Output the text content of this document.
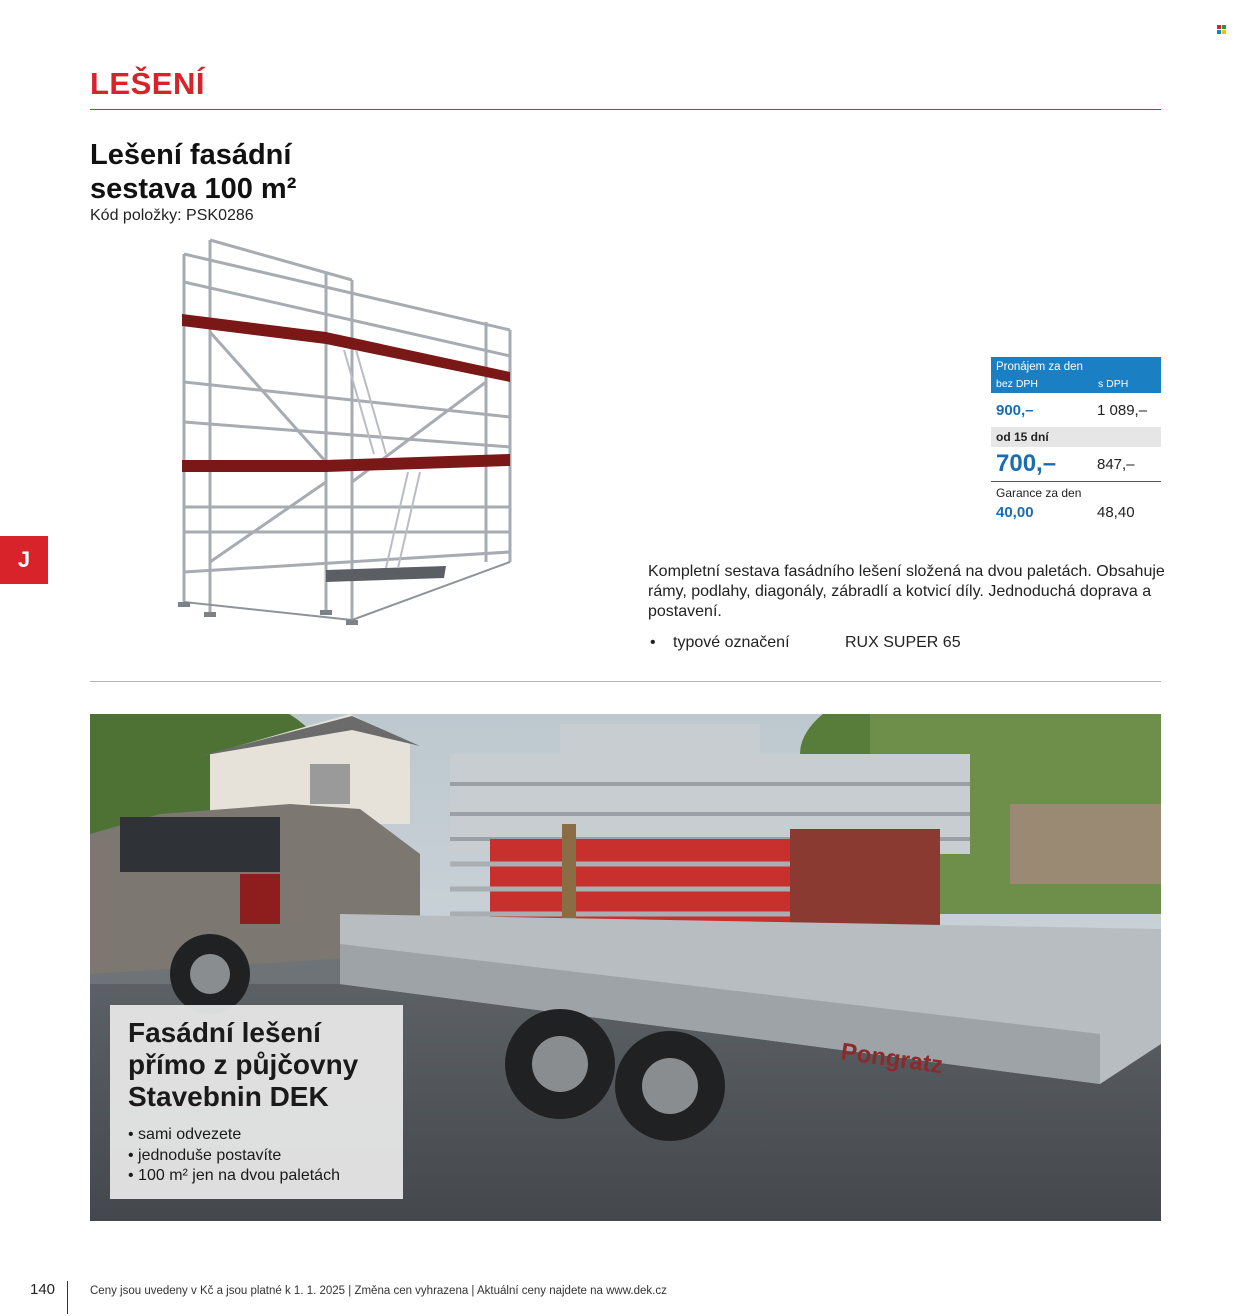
LEŠENÍ
Lešení fasádní
sestava 100 m²
Kód položky: PSK0286
J
Pronájem za den
bez DPH	s DPH
900,–	1 089,–
od 15 dní
700,–	847,–
Garance za den
40,00	48,40
Kompletní sestava fasádního lešení složená na dvou paletách. Obsahuje rámy, podlahy, diagonály, zábradlí a kotvicí díly. Jednoduchá doprava a postavení.
• typové označení	RUX SUPER 65
Pongratz
Fasádní lešení
přímo z půjčovny
Stavebnin DEK
• sami odvezete
• jednoduše postavíte
• 100 m² jen na dvou paletách
140	Ceny jsou uvedeny v Kč a jsou platné k 1. 1. 2025 | Změna cen vyhrazena | Aktuální ceny najdete na www.dek.cz
